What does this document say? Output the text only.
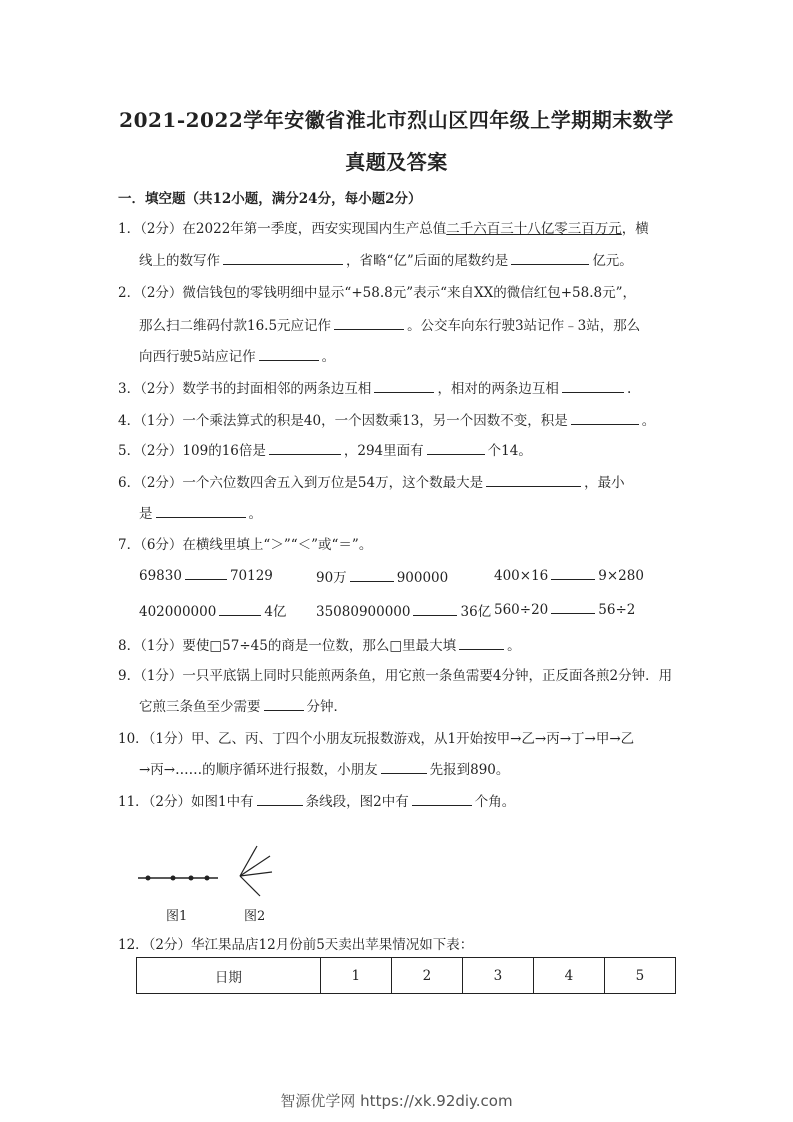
2021-2022学年安徽省淮北市烈山区四年级上学期期末数学
真题及答案
一．填空题（共12小题，满分24分，每小题2分）
1．（2分）在2022年第一季度，西安实现国内生产总值二千六百三十八亿零三百万元，横
线上的数写作	，省略“亿”后面的尾数约是	亿元。
2．（2分）微信钱包的零钱明细中显示“+58.8元”表示“来自XX的微信红包+58.8元”，
那么扫二维码付款16.5元应记作	。公交车向东行驶3站记作﹣3站，那么
向西行驶5站应记作	。
3．（2分）数学书的封面相邻的两条边互相	，相对的两条边互相	.
4．（1分）一个乘法算式的积是40，一个因数乘13，另一个因数不变，积是	。
5．（2分）109的16倍是	，294里面有	个14。
6．（2分）一个六位数四舍五入到万位是54万，这个数最大是	，最小
是	。
7．（6分）在横线里填上“＞”“＜”或“＝”。
69830	70129	90万	900000	400×16	9×280
402000000	4亿 35080900000	36亿 560÷20	56÷2
8．（1分）要使□57÷45的商是一位数，那么□里最大填	。
9．（1分）一只平底锅上同时只能煎两条鱼，用它煎一条鱼需要4分钟，正反面各煎2分钟．用
它煎三条鱼至少需要	分钟．
10．（1分）甲、乙、丙、丁四个小朋友玩报数游戏，从1开始按甲→乙→丙→丁→甲→乙
→丙→……的顺序循环进行报数，小朋友	先报到890。
11．（2分）如图1中有	条线段，图2中有	个角。
图1	图2
12．（2分）华江果品店12月份前5天卖出苹果情况如下表：
日期	1	2	3	4	5
智源优学网 https://xk.92diy.com
